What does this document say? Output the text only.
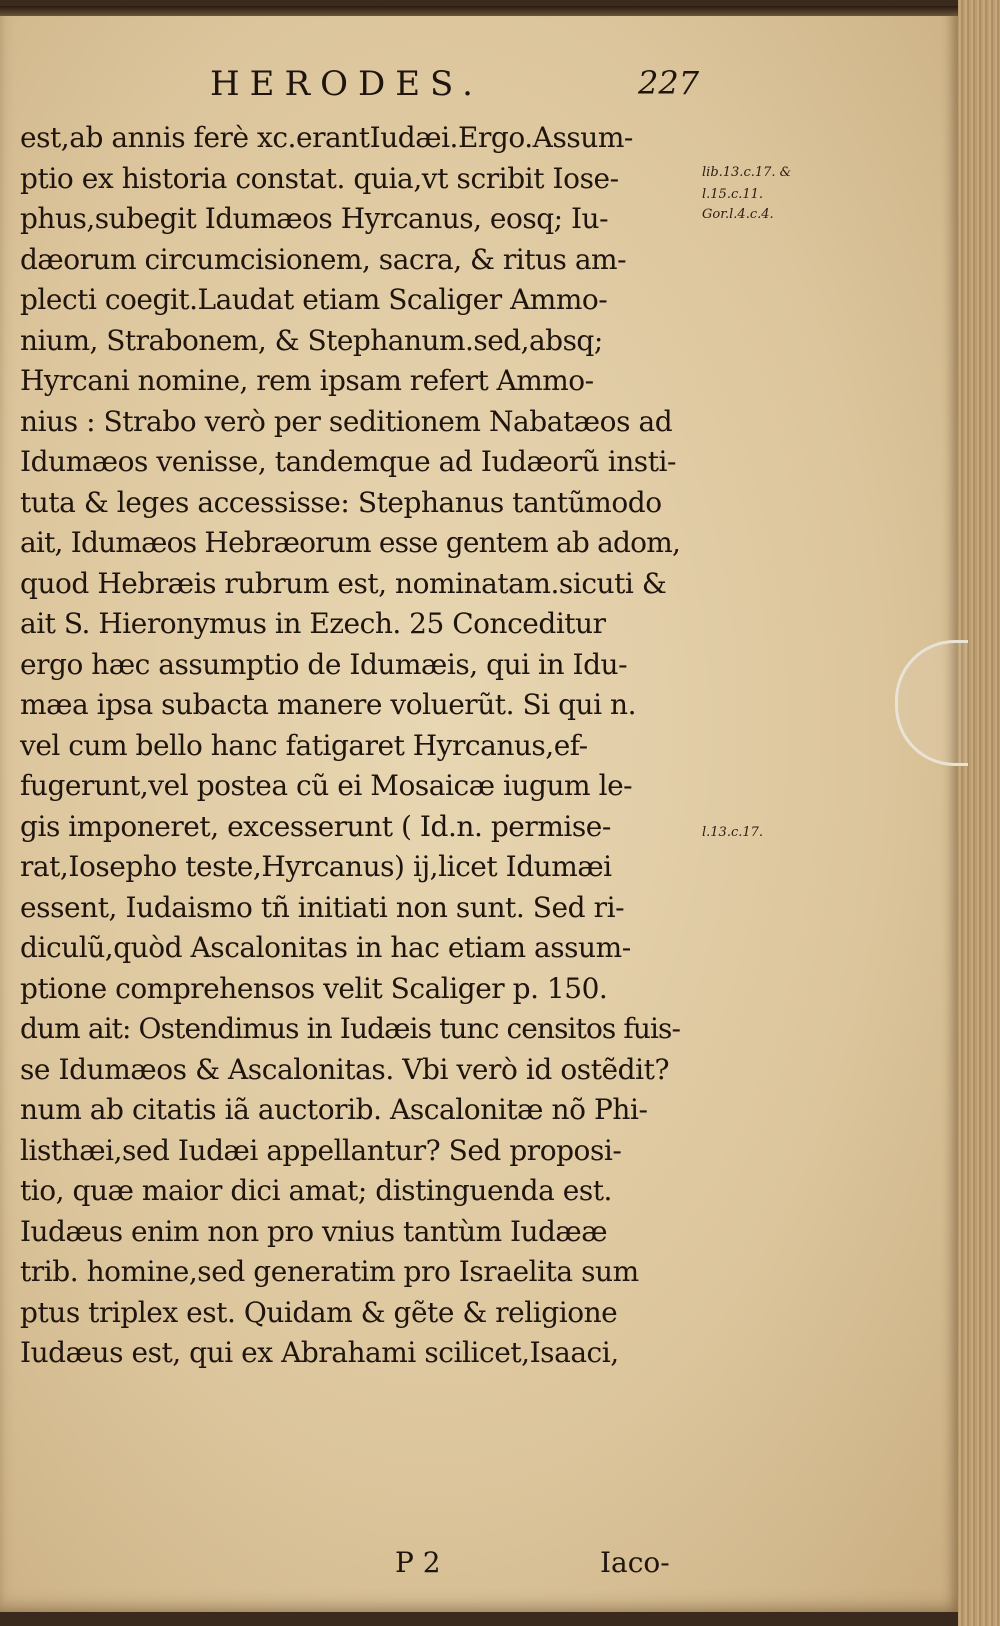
HERODES.	227
est,ab annis ferè xc.erantIudæi.Ergo.Assum-
ptio ex historia constat. quia,vt scribit Iose-
phus,subegit Idumæos Hyrcanus, eosq; Iu-
dæorum circumcisionem, sacra, & ritus am-
plecti coegit.Laudat etiam Scaliger Ammo-
nium, Strabonem, & Stephanum.sed,absq;
Hyrcani nomine, rem ipsam refert Ammo-
nius : Strabo verò per seditionem Nabatæos ad
Idumæos venisse, tandemque ad Iudæorũ insti-
tuta & leges accessisse: Stephanus tantũmodo
ait, Idumæos Hebræorum esse gentem ab adom,
quod Hebræis rubrum est, nominatam.sicuti &
ait S. Hieronymus in Ezech. 25 Conceditur
ergo hæc assumptio de Idumæis, qui in Idu-
mæa ipsa subacta manere voluerũt. Si qui n.
vel cum bello hanc fatigaret Hyrcanus,ef-
fugerunt,vel postea cũ ei Mosaicæ iugum le-
gis imponeret, excesserunt ( Id.n. permise-
rat,Iosepho teste,Hyrcanus) ij,licet Idumæi
essent, Iudaismo tñ initiati non sunt. Sed ri-
diculũ,quòd Ascalonitas in hac etiam assum-
ptione comprehensos velit Scaliger p. 150.
dum ait: Ostendimus in Iudæis tunc censitos fuis-
se Idumæos & Ascalonitas. Vbi verò id ostẽdit?
num ab citatis iã auctorib. Ascalonitæ nõ Phi-
listhæi,sed Iudæi appellantur? Sed proposi-
tio, quæ maior dici amat; distinguenda est.
Iudæus enim non pro vnius tantùm Iudææ
trib. homine,sed generatim pro Israelita sum
ptus triplex est. Quidam & gẽte & religione
Iudæus est, qui ex Abrahami scilicet,Isaaci,
lib.13.c.17. &
l.15.c.11.
Gor.l.4.c.4.
l.13.c.17.
P 2	Iaco-
